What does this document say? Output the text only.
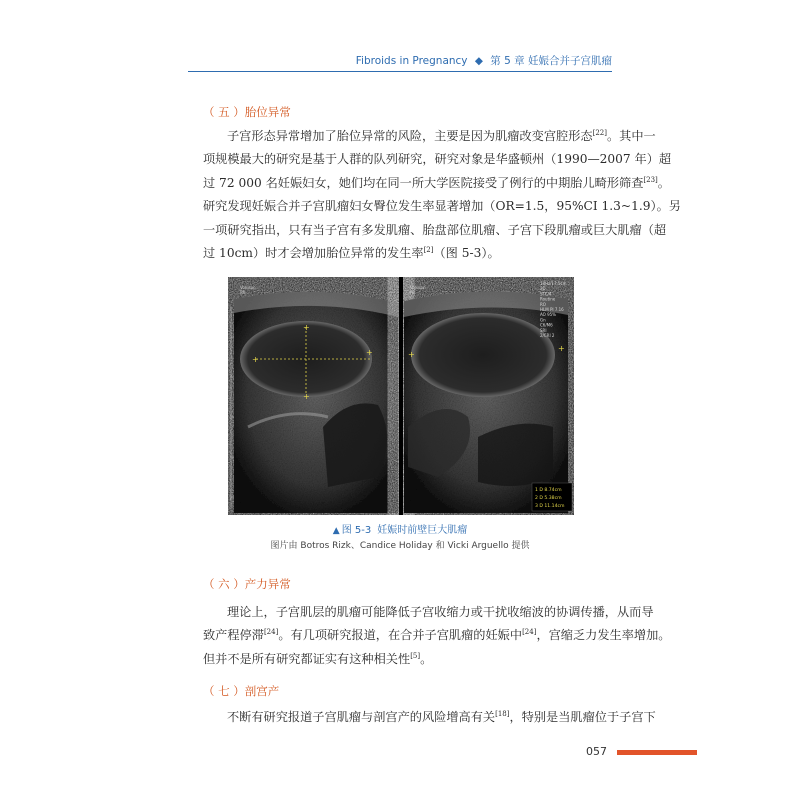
Fibroids in Pregnancy ◆ 第 5 章 妊娠合并子宫肌瘤
（ 五 ）胎位异常
子宫形态异常增加了胎位异常的风险，主要是因为肌瘤改变宫腔形态[22]。其中一
项规模最大的研究是基于人群的队列研究，研究对象是华盛顿州（1990—2007 年）超
过 72 000 名妊娠妇女，她们均在同一所大学医院接受了例行的中期胎儿畸形筛查[23]。
研究发现妊娠合并子宫肌瘤妇女臀位发生率显著增加（OR=1.5，95%CI 1.3~1.9）。另
一项研究指出，只有当子宫有多发肌瘤、胎盘部位肌瘤、子宫下段肌瘤或巨大肌瘤（超
过 10cm）时才会增加胎位异常的发生率[2]（图 5-3）。
+
+
+
+
+
+
Voluson
P8
Voluson
P8
18Hz/17.5cm
2D
STC/4
Routine
RO
HLM PI 7.16
AO 95%
Gn
C6/M6
SRI
2/CRI 2
1 D 8.74cm
2 D 5.38cm
3 D 11.14cm
▲ 图 5-3 妊娠时前壁巨大肌瘤
图片由 Botros Rizk、Candice Holiday 和 Vicki Arguello 提供
（ 六 ）产力异常
理论上，子宫肌层的肌瘤可能降低子宫收缩力或干扰收缩波的协调传播，从而导
致产程停滞[24]。有几项研究报道，在合并子宫肌瘤的妊娠中[24]，宫缩乏力发生率增加。
但并不是所有研究都证实有这种相关性[5]。
（ 七 ）剖宫产
不断有研究报道子宫肌瘤与剖宫产的风险增高有关[18]，特别是当肌瘤位于子宫下
057
